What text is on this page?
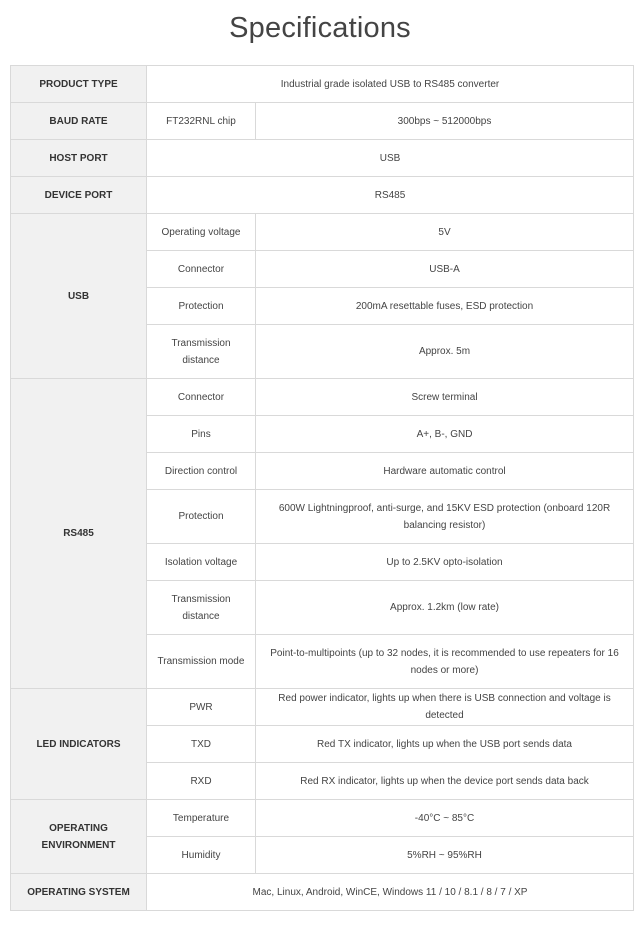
Specifications
PRODUCT TYPE	Industrial grade isolated USB to RS485 converter	
BAUD RATE	FT232RNL chip	300bps ~ 512000bps
HOST PORT	USB	
DEVICE PORT	RS485	
USB	Operating voltage	5V
	Connector	USB-A
	Protection	200mA resettable fuses, ESD protection
	Transmission distance	Approx. 5m
RS485	Connector	Screw terminal
	Pins	A+, B-, GND
	Direction control	Hardware automatic control
	Protection	600W Lightningproof, anti-surge, and 15KV ESD protection (onboard 120R balancing resistor)
	Isolation voltage	Up to 2.5KV opto-isolation
	Transmission distance	Approx. 1.2km (low rate)
	Transmission mode	Point-to-multipoints (up to 32 nodes, it is recommended to use repeaters for 16 nodes or more)
LED INDICATORS	PWR	Red power indicator, lights up when there is USB connection and voltage is detected
	TXD	Red TX indicator, lights up when the USB port sends data
	RXD	Red RX indicator, lights up when the device port sends data back
OPERATING ENVIRONMENT	Temperature	-40°C ~ 85°C
	Humidity	5%RH ~ 95%RH
OPERATING SYSTEM	Mac, Linux, Android, WinCE, Windows 11 / 10 / 8.1 / 8 / 7 / XP	
